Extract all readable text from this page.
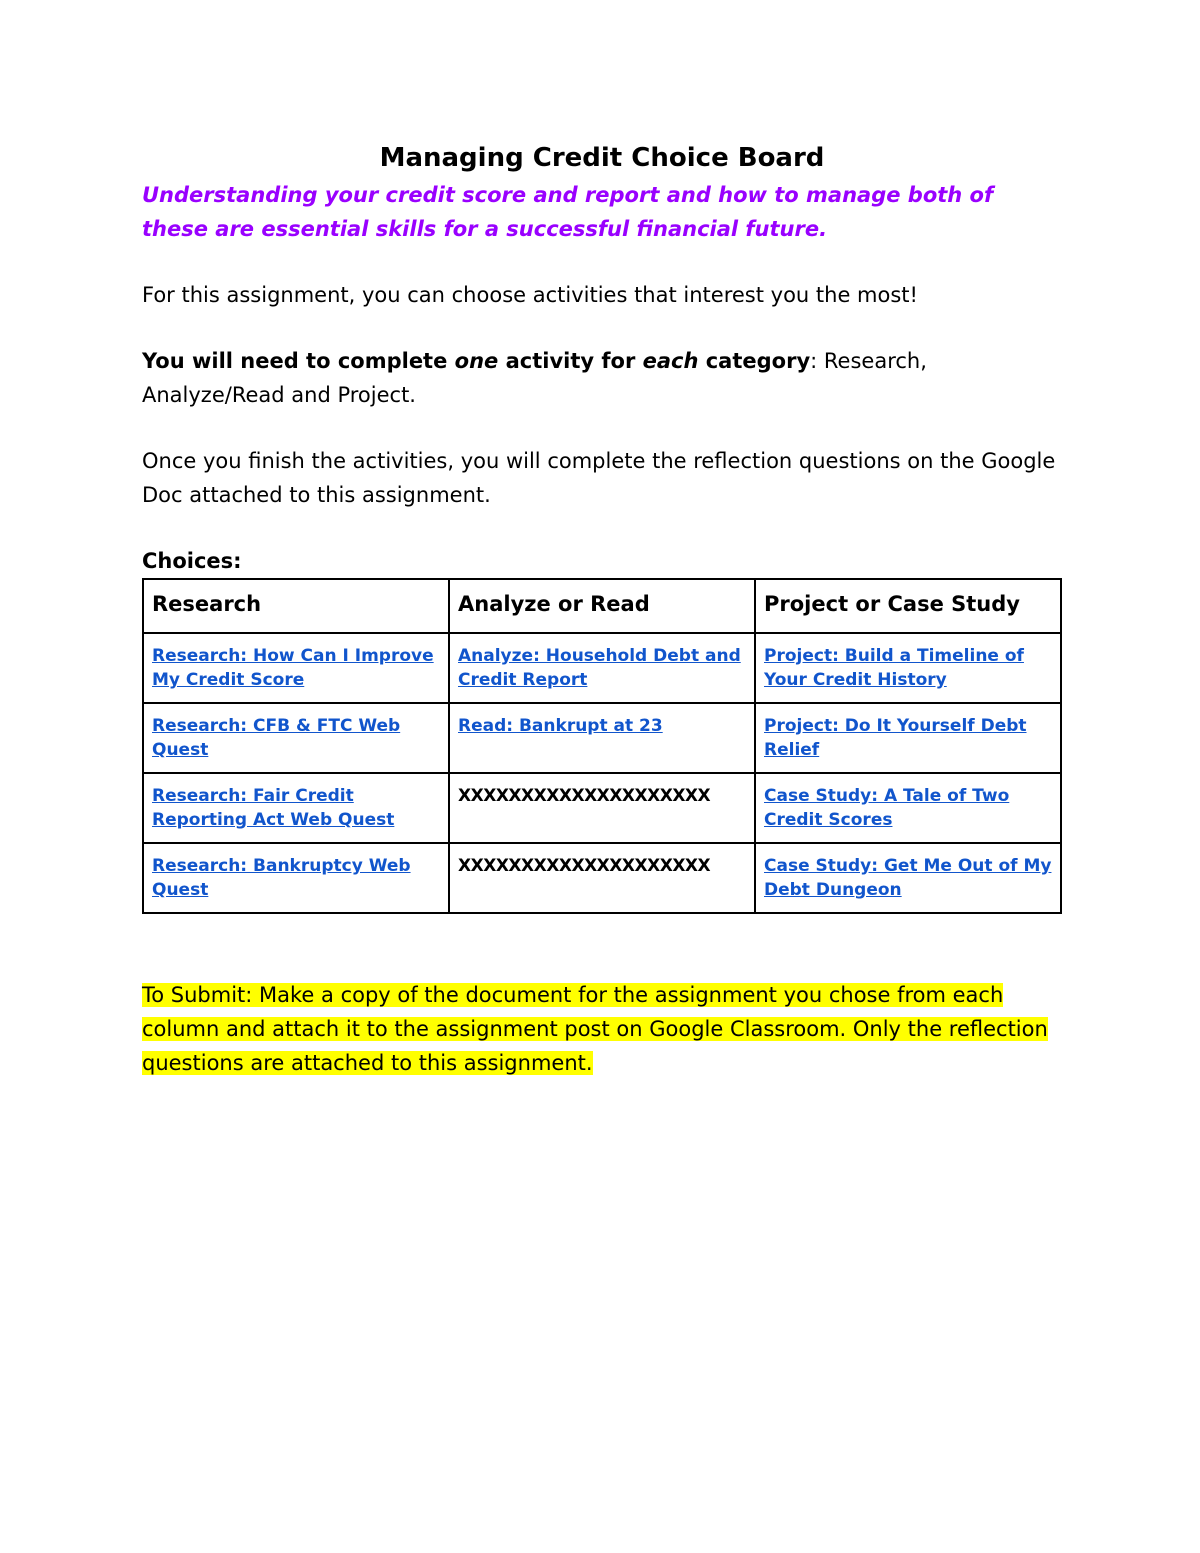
Managing Credit Choice Board

Understanding your credit score and report and how to manage both of these are essential skills for a successful financial future.

For this assignment, you can choose activities that interest you the most!

You will need to complete one activity for each category: Research, Analyze/Read and Project.

Once you finish the activities, you will complete the reflection questions on the Google Doc attached to this assignment.

Choices:

Research	Analyze or Read	Project or Case Study
Research: How Can I Improve My Credit Score	Analyze: Household Debt and Credit Report	Project: Build a Timeline of Your Credit History
Research: CFB & FTC Web Quest	Read: Bankrupt at 23	Project: Do It Yourself Debt Relief
Research: Fair Credit Reporting Act Web Quest	XXXXXXXXXXXXXXXXXXXX	Case Study: A Tale of Two Credit Scores
Research: Bankruptcy Web Quest	XXXXXXXXXXXXXXXXXXXX	Case Study: Get Me Out of My Debt Dungeon

To Submit: Make a copy of the document for the assignment you chose from each column and attach it to the assignment post on Google Classroom. Only the reflection questions are attached to this assignment.
